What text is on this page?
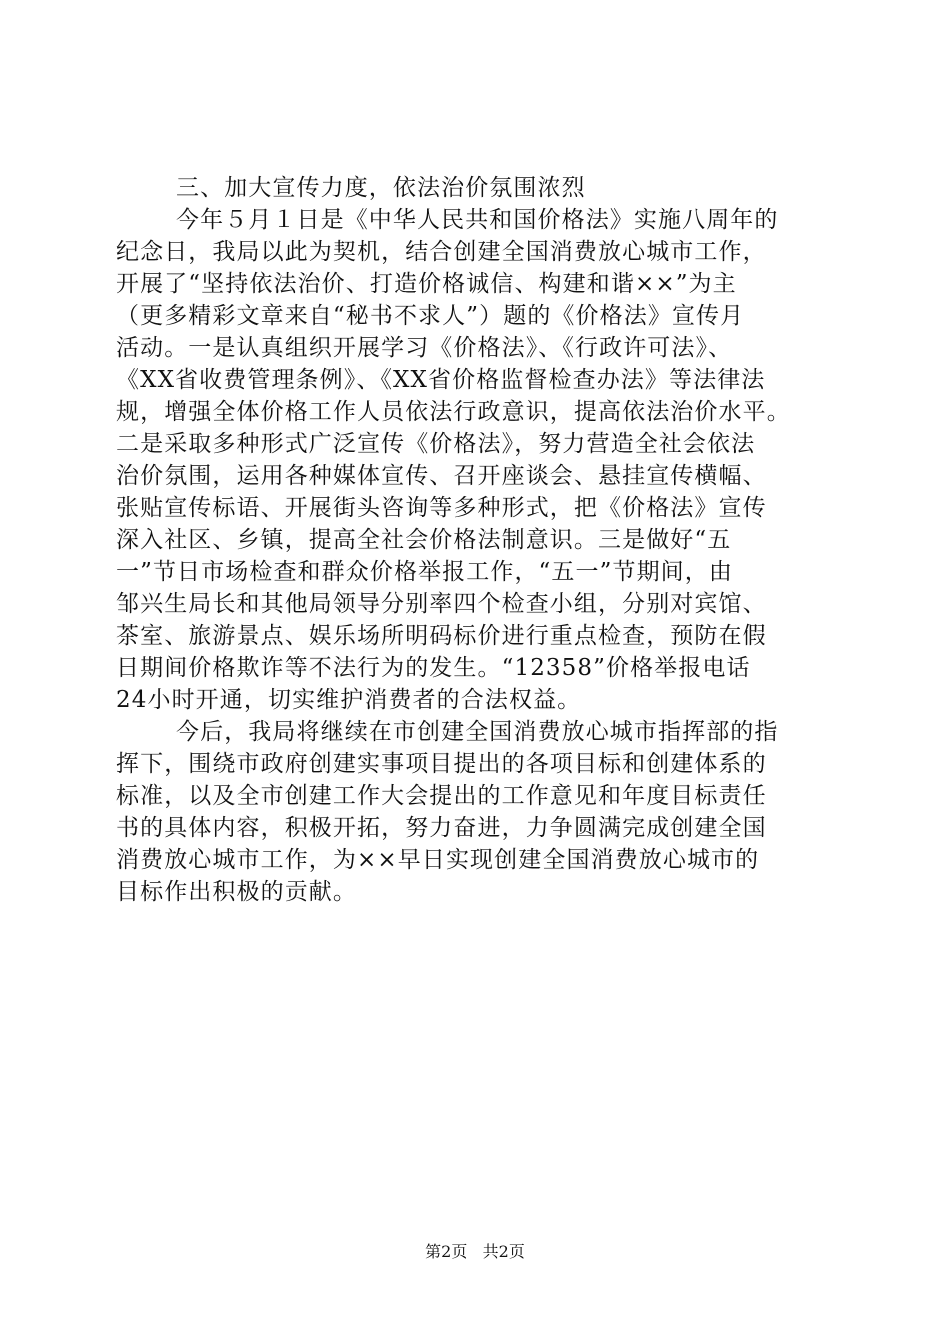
三、加大宣传力度，依法治价氛围浓烈
今年５月１日是《中华人民共和国价格法》实施八周年的
纪念日，我局以此为契机，结合创建全国消费放心城市工作，
开展了“坚持依法治价、打造价格诚信、构建和谐××”为主
（更多精彩文章来自“秘书不求人”）题的《价格法》宣传月
活动。一是认真组织开展学习《价格法》、《行政许可法》、
《XX省收费管理条例》、《XX省价格监督检查办法》等法律法
规，增强全体价格工作人员依法行政意识，提高依法治价水平。
二是采取多种形式广泛宣传《价格法》，努力营造全社会依法
治价氛围，运用各种媒体宣传、召开座谈会、悬挂宣传横幅、
张贴宣传标语、开展街头咨询等多种形式，把《价格法》宣传
深入社区、乡镇，提高全社会价格法制意识。三是做好“五
一”节日市场检查和群众价格举报工作，“五一”节期间，由
邹兴生局长和其他局领导分别率四个检查小组，分别对宾馆、
茶室、旅游景点、娱乐场所明码标价进行重点检查，预防在假
日期间价格欺诈等不法行为的发生。“12358”价格举报电话
24小时开通，切实维护消费者的合法权益。
今后，我局将继续在市创建全国消费放心城市指挥部的指
挥下，围绕市政府创建实事项目提出的各项目标和创建体系的
标准，以及全市创建工作大会提出的工作意见和年度目标责任
书的具体内容，积极开拓，努力奋进，力争圆满完成创建全国
消费放心城市工作，为××早日实现创建全国消费放心城市的
目标作出积极的贡献。
第2页 共2页
